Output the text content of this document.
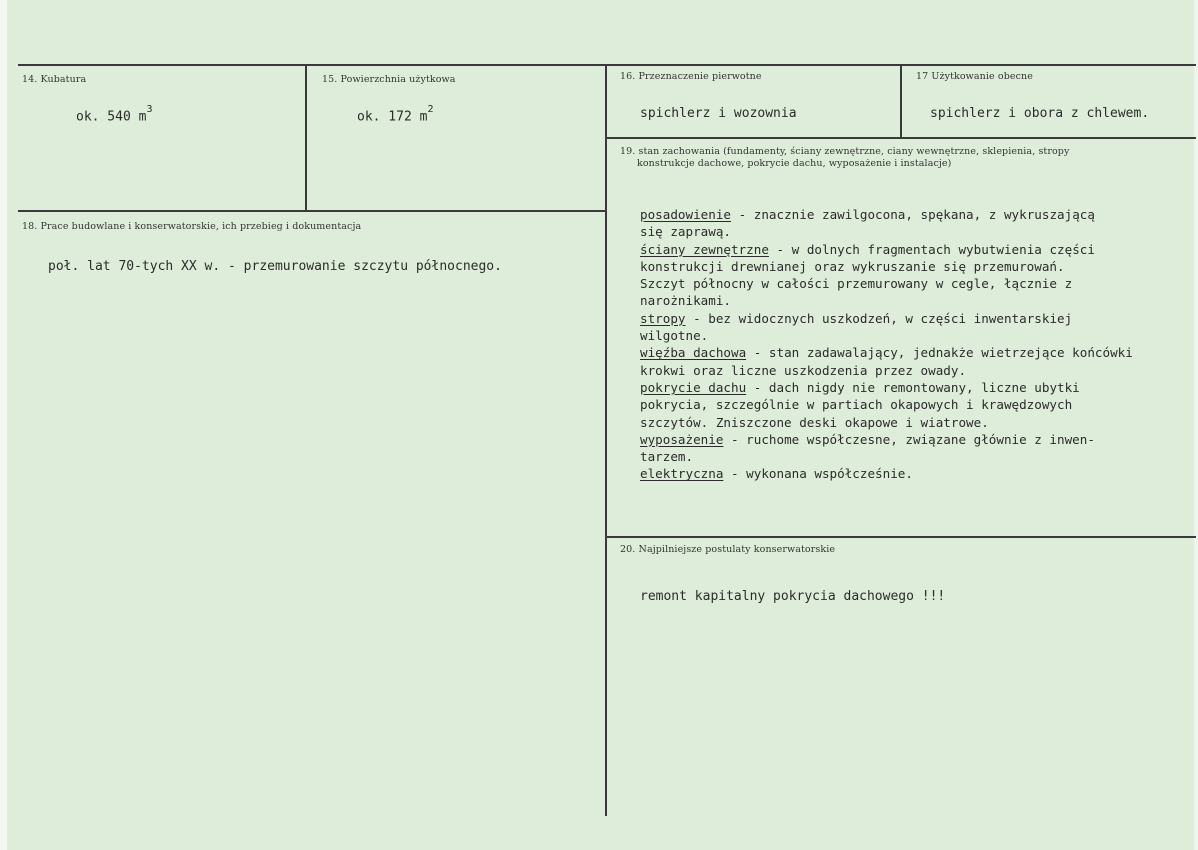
14. Kubatura
ok. 540 $m^3$
15. Powierzchnia użytkowa
ok. 172 $m^2$
16. Przeznaczenie pierwotne
spichlerz i wozownia
17 Użytkowanie obecne
spichlerz i obora z chlewem.
18. Prace budowlane i konserwatorskie, ich przebieg i dokumentacja
poł. lat 70-tych XX w. - przemurowanie szczytu północnego.
19. stan zachowania (fundamenty, ściany zewnętrzne, ciany wewnętrzne, sklepienia, stropy
konstrukcje dachowe, pokrycie dachu, wyposażenie i instalacje)
posadowienie - znacznie zawilgocona, spękana, z wykruszającą
się zaprawą.
ściany zewnętrzne - w dolnych fragmentach wybutwienia części
konstrukcji drewnianej oraz wykruszanie się przemurowań.
Szczyt północny w całości przemurowany w cegle, łącznie z
narożnikami.
stropy - bez widocznych uszkodzeń, w części inwentarskiej
wilgotne.
więźba dachowa - stan zadawalający, jednakże wietrzejące końcówki
krokwi oraz liczne uszkodzenia przez owady.
pokrycie dachu - dach nigdy nie remontowany, liczne ubytki
pokrycia, szczególnie w partiach okapowych i krawędzowych
szczytów. Zniszczone deski okapowe i wiatrowe.
wyposażenie - ruchome współczesne, związane głównie z inwen-
tarzem.
elektryczna - wykonana współcześnie.
20. Najpilniejsze postulaty konserwatorskie
remont kapitalny pokrycia dachowego !!!
